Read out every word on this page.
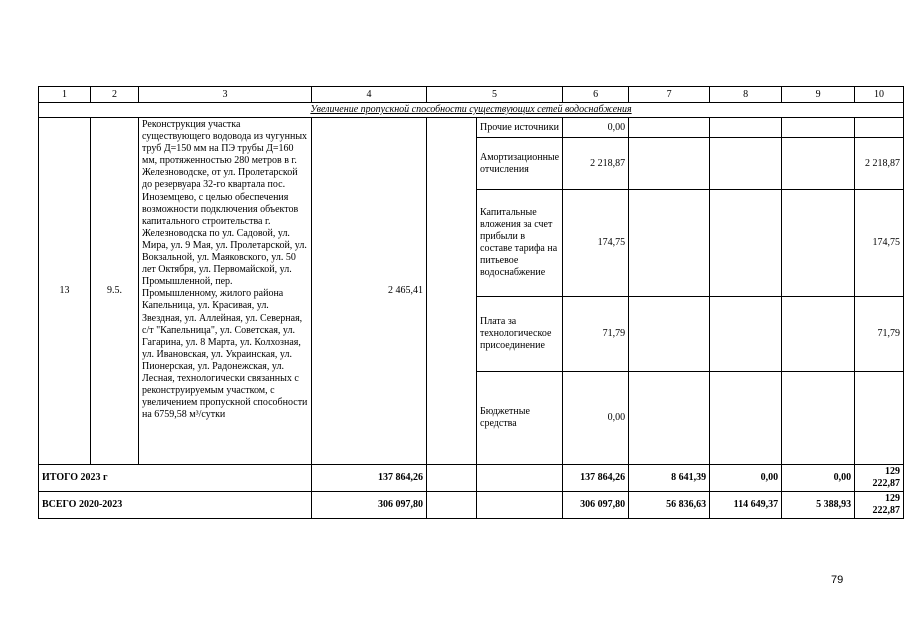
1	2	3	4	5		6	7	8	9	10
Увеличение пропускной способности существующих сетей водоснабжения										
13	9.5.	Реконструкция участка существующего водовода из чугунных труб Д=150 мм на ПЭ трубы Д=160 мм, протяженностью 280 метров в г. Железноводске, от ул. Пролетарской до резервуара 32-го квартала пос. Иноземцево, с целью обеспечения возможности подключения объектов капитального строительства г. Железноводска по ул. Садовой, ул. Мира, ул. 9 Мая, ул. Пролетарской, ул. Вокзальной, ул. Маяковского, ул. 50 лет Октября, ул. Первомайской, ул. Промышленной, пер. Промышленному, жилого района Капельница, ул. Красивая, ул. Звездная, ул. Аллейная, ул. Северная, с/т "Капельница", ул. Советская, ул. Гагарина, ул. 8 Марта, ул. Колхозная, ул. Ивановская, ул. Украинская, ул. Пионерская, ул. Радонежская, ул. Лесная, технологически связанных с реконструируемым участком, с увеличением пропускной способности на 6759,58 м³/сутки	2 465,41		Прочие источники	0,00				
					Амортизационные отчисления	2 218,87				2 218,87
					Капитальные вложения за счет прибыли в составе тарифа на питьевое водоснабжение	174,75				174,75
					Плата за технологическое присоединение	71,79				71,79
					Бюджетные средства	0,00				
ИТОГО 2023 г			137 864,26			137 864,26	8 641,39	0,00	0,00	129 222,87
ВСЕГО 2020-2023			306 097,80			306 097,80	56 836,63	114 649,37	5 388,93	129 222,87
79
